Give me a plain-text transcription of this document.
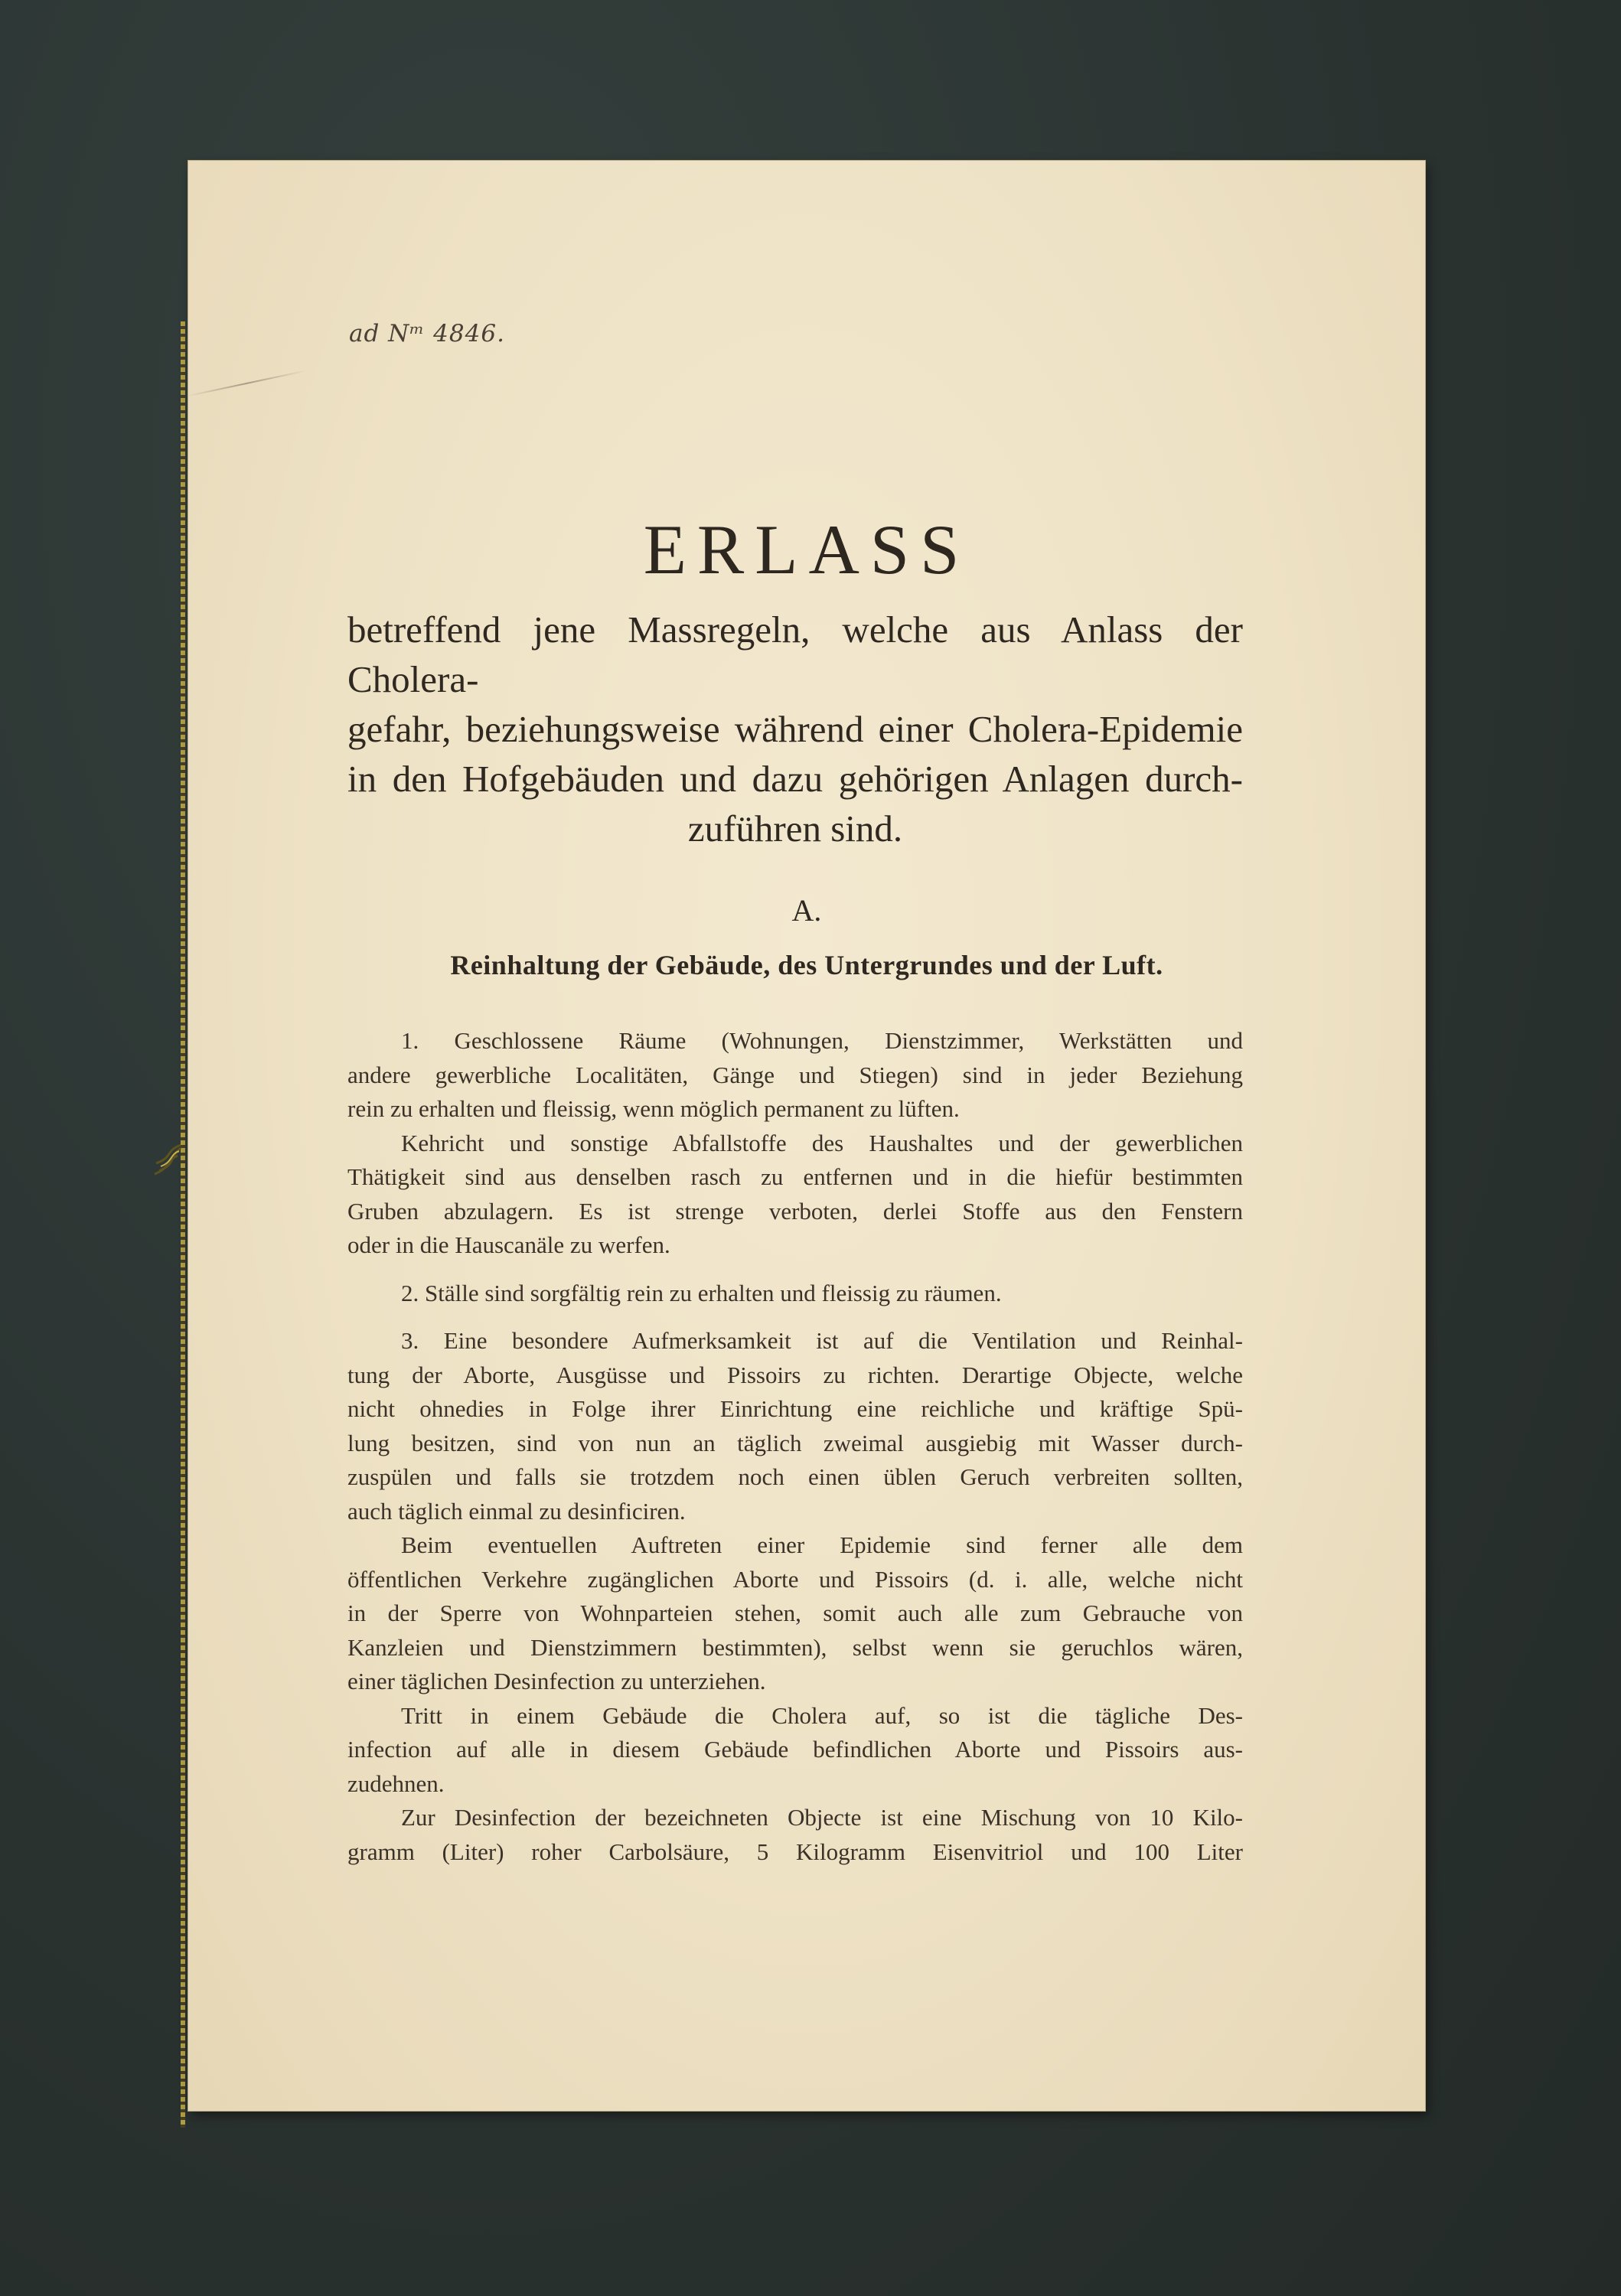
ad Nᵐ 4846.
ERLASS
betreffend jene Massregeln, welche aus Anlass der Cholera-
gefahr, beziehungsweise während einer Cholera-Epidemie
in den Hofgebäuden und dazu gehörigen Anlagen durch-
zuführen sind.
A.
Reinhaltung der Gebäude, des Untergrundes und der Luft.

1. Geschlossene Räume (Wohnungen, Dienstzimmer, Werkstätten und
andere gewerbliche Localitäten, Gänge und Stiegen) sind in jeder Beziehung
rein zu erhalten und fleissig, wenn möglich permanent zu lüften.

Kehricht und sonstige Abfallstoffe des Haushaltes und der gewerblichen
Thätigkeit sind aus denselben rasch zu entfernen und in die hiefür bestimmten
Gruben abzulagern. Es ist strenge verboten, derlei Stoffe aus den Fenstern
oder in die Hauscanäle zu werfen.

2. Ställe sind sorgfältig rein zu erhalten und fleissig zu räumen.

3. Eine besondere Aufmerksamkeit ist auf die Ventilation und Reinhal-
tung der Aborte, Ausgüsse und Pissoirs zu richten. Derartige Objecte, welche
nicht ohnedies in Folge ihrer Einrichtung eine reichliche und kräftige Spü-
lung besitzen, sind von nun an täglich zweimal ausgiebig mit Wasser durch-
zuspülen und falls sie trotzdem noch einen üblen Geruch verbreiten sollten,
auch täglich einmal zu desinficiren.

Beim eventuellen Auftreten einer Epidemie sind ferner alle dem
öffentlichen Verkehre zugänglichen Aborte und Pissoirs (d. i. alle, welche nicht
in der Sperre von Wohnparteien stehen, somit auch alle zum Gebrauche von
Kanzleien und Dienstzimmern bestimmten), selbst wenn sie geruchlos wären,
einer täglichen Desinfection zu unterziehen.

Tritt in einem Gebäude die Cholera auf, so ist die tägliche Des-
infection auf alle in diesem Gebäude befindlichen Aborte und Pissoirs aus-
zudehnen.

Zur Desinfection der bezeichneten Objecte ist eine Mischung von 10 Kilo-
gramm (Liter) roher Carbolsäure, 5 Kilogramm Eisenvitriol und 100 Liter
